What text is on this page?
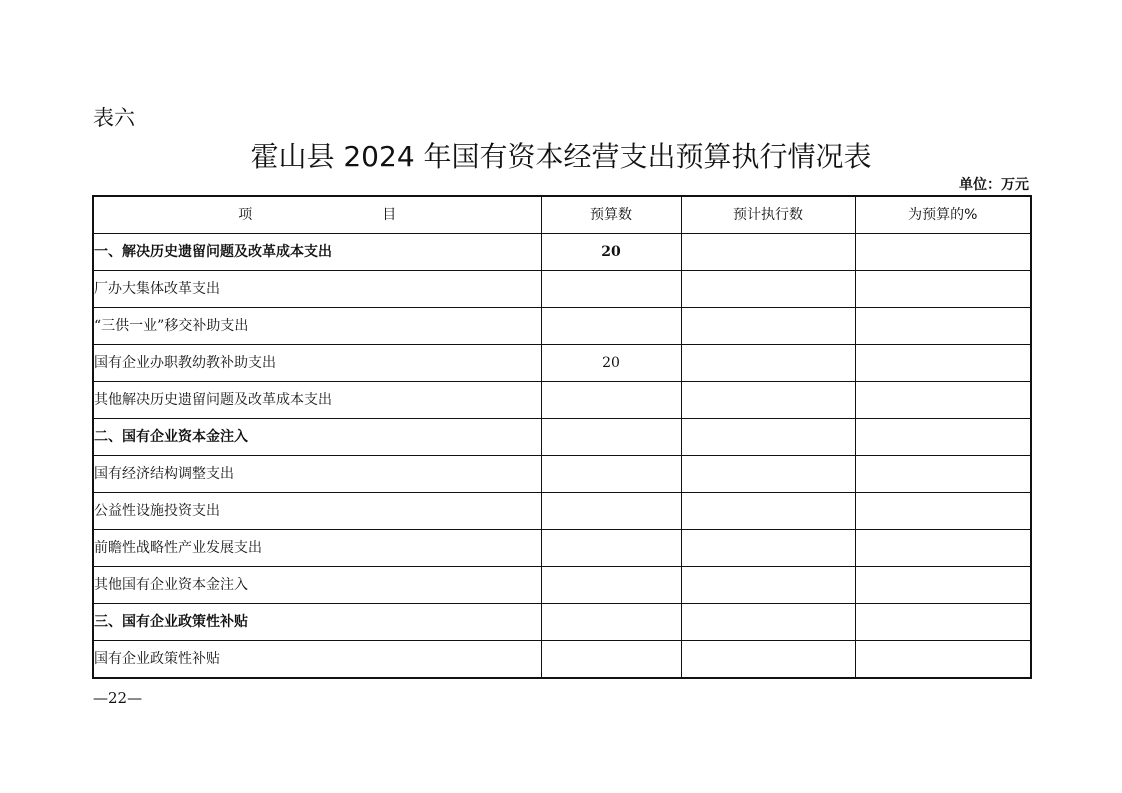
表六
霍山县 2024 年国有资本经营支出预算执行情况表
单位：万元
项 目	预算数	预计执行数	为预算的%
一、解决历史遗留问题及改革成本支出	20		
厂办大集体改革支出			
“三供一业”移交补助支出			
国有企业办职教幼教补助支出	20		
其他解决历史遗留问题及改革成本支出			
二、国有企业资本金注入			
国有经济结构调整支出			
公益性设施投资支出			
前瞻性战略性产业发展支出			
其他国有企业资本金注入			
三、国有企业政策性补贴			
国有企业政策性补贴			
—22—
